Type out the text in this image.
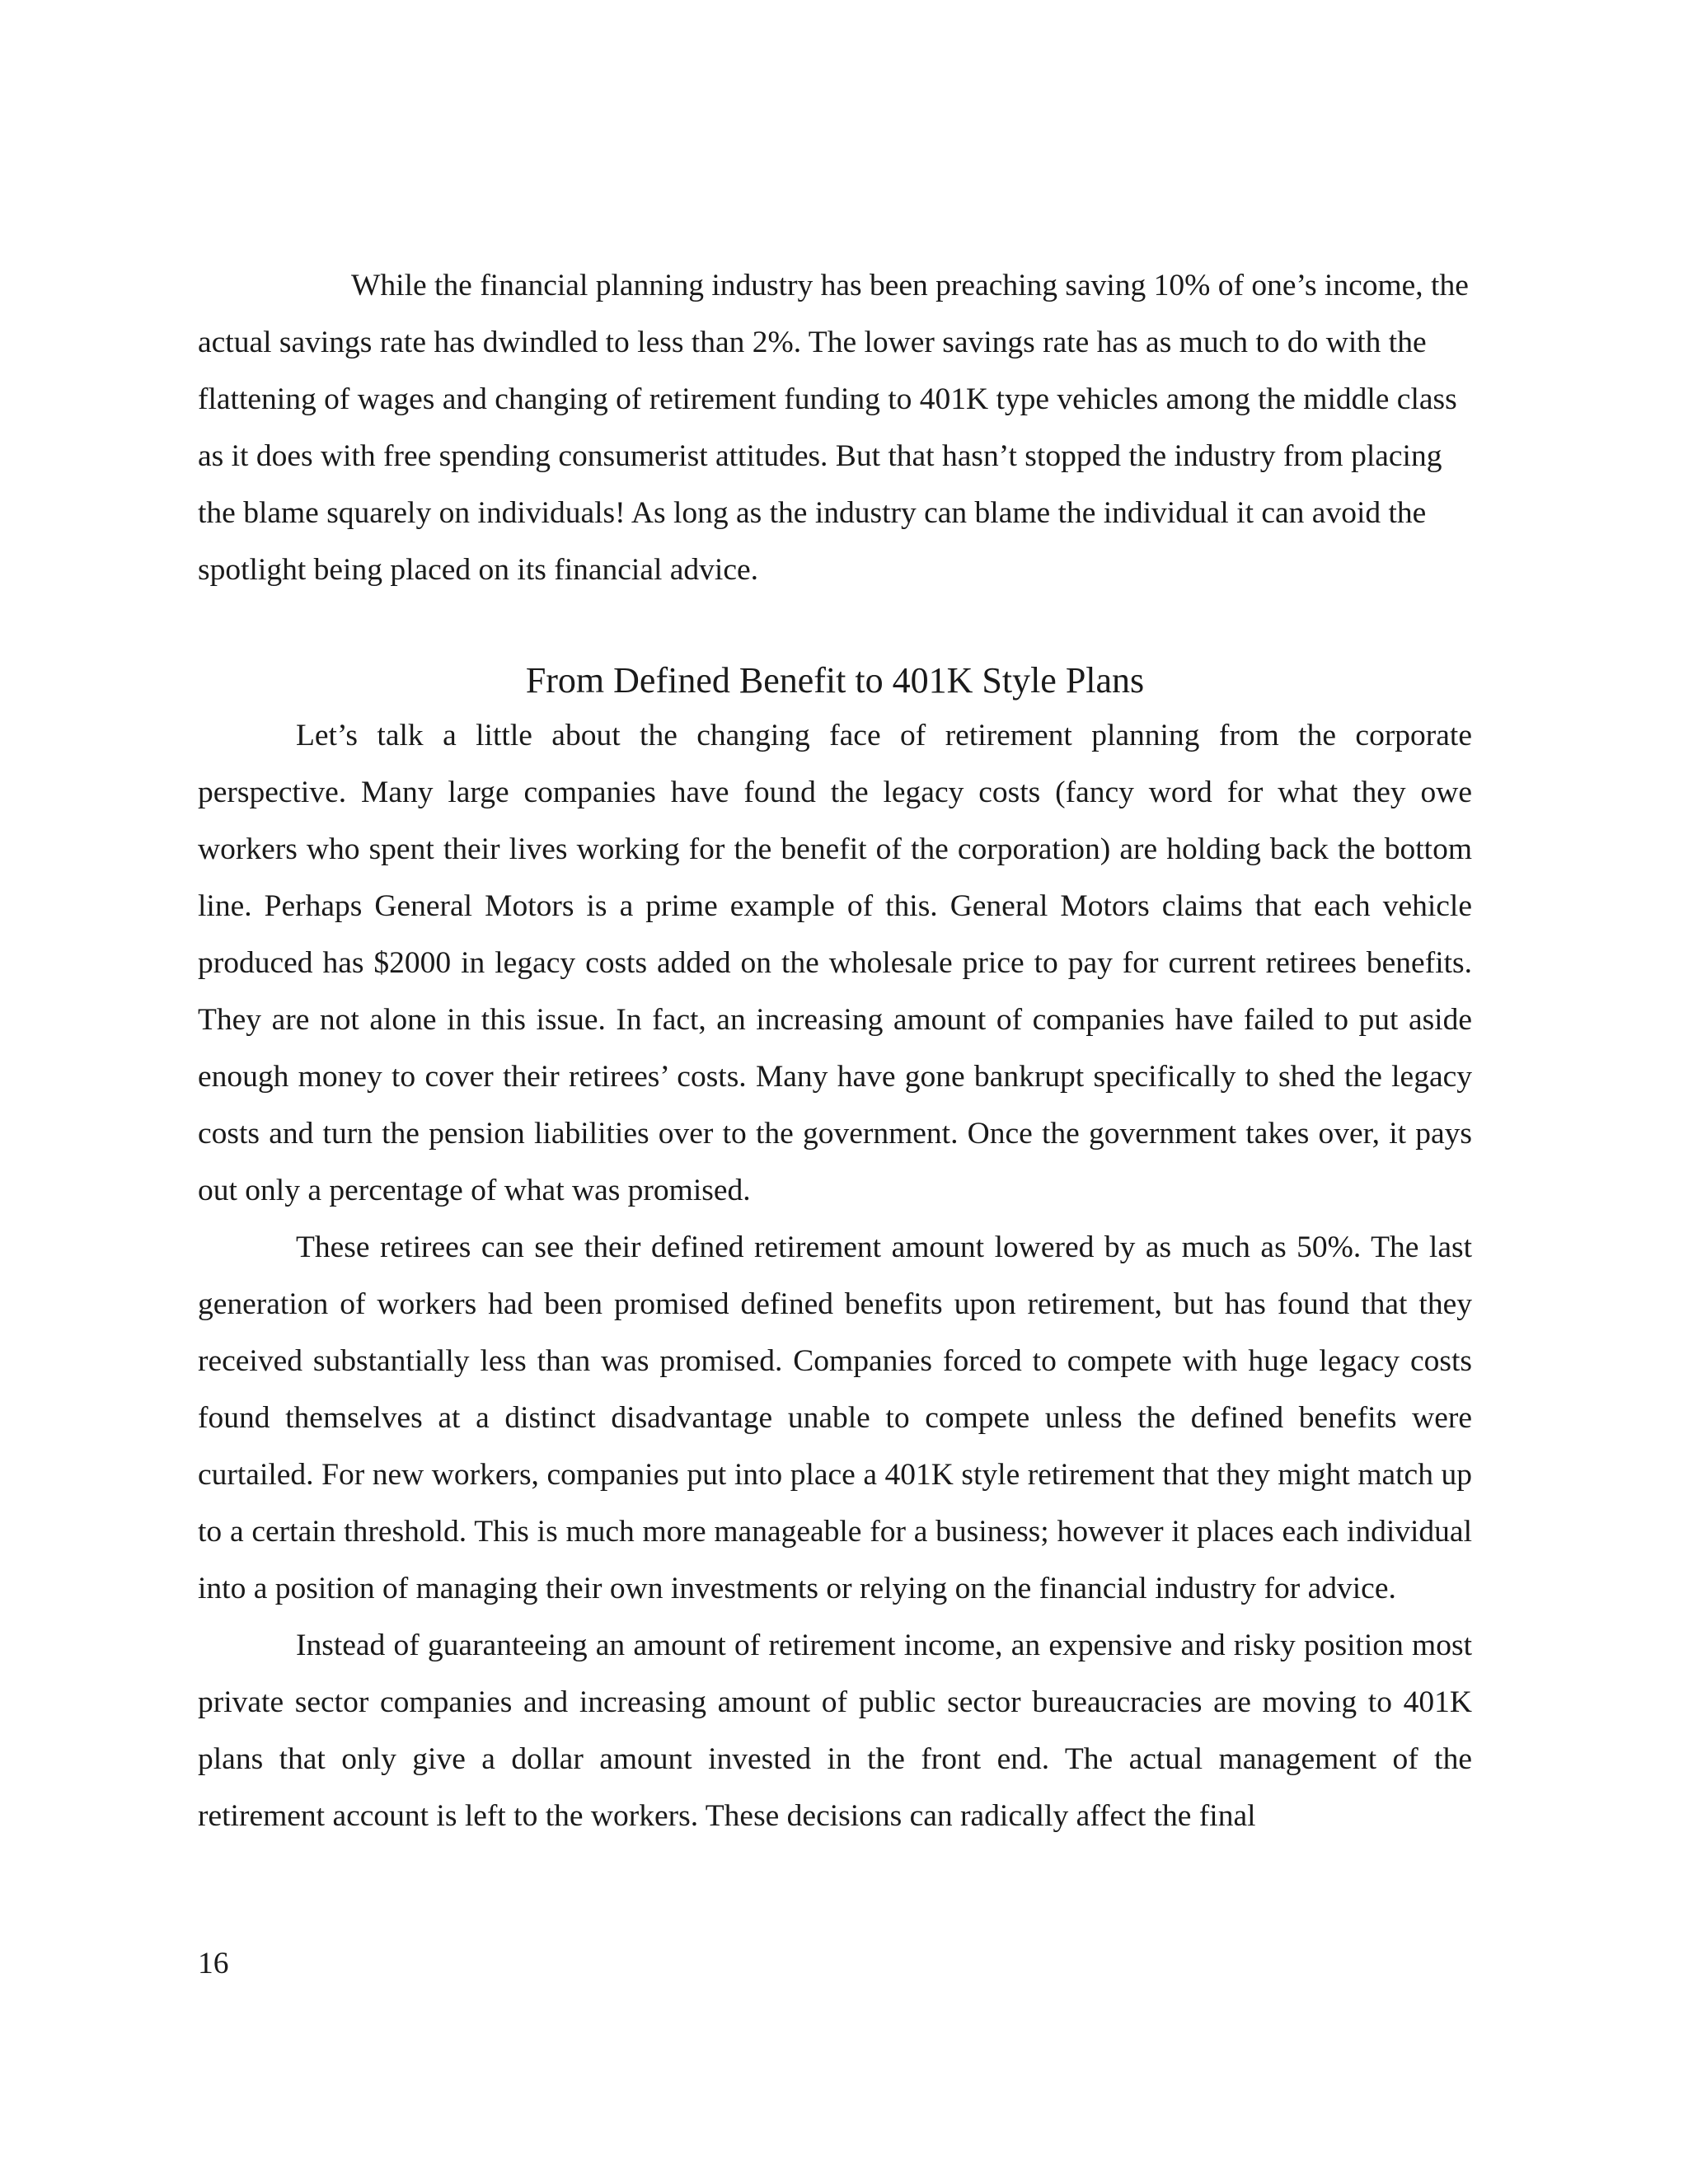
While the financial planning industry has been preaching saving 10% of one’s income, the actual savings rate has dwindled to less than 2%. The lower savings rate has as much to do with the flattening of wages and changing of retirement funding to 401K type vehicles among the middle class as it does with free spending consumerist attitudes. But that hasn’t stopped the industry from placing the blame squarely on individuals! As long as the industry can blame the individual it can avoid the spotlight being placed on its financial advice.

From Defined Benefit to 401K Style Plans

Let’s talk a little about the changing face of retirement planning from the corporate perspective. Many large companies have found the legacy costs (fancy word for what they owe workers who spent their lives working for the benefit of the corporation) are holding back the bottom line. Perhaps General Motors is a prime example of this. General Motors claims that each vehicle produced has $2000 in legacy costs added on the wholesale price to pay for current retirees benefits. They are not alone in this issue. In fact, an increasing amount of companies have failed to put aside enough money to cover their retirees’ costs. Many have gone bankrupt specifically to shed the legacy costs and turn the pension liabilities over to the government. Once the government takes over, it pays out only a percentage of what was promised.

These retirees can see their defined retirement amount lowered by as much as 50%. The last generation of workers had been promised defined benefits upon retirement, but has found that they received substantially less than was promised. Companies forced to compete with huge legacy costs found themselves at a distinct disadvantage unable to compete unless the defined benefits were curtailed. For new workers, companies put into place a 401K style retirement that they might match up to a certain threshold. This is much more manageable for a business; however it places each individual into a position of managing their own investments or relying on the financial industry for advice.

Instead of guaranteeing an amount of retirement income, an expensive and risky position most private sector companies and increasing amount of public sector bureaucracies are moving to 401K plans that only give a dollar amount invested in the front end. The actual management of the retirement account is left to the workers. These decisions can radically affect the final

16
